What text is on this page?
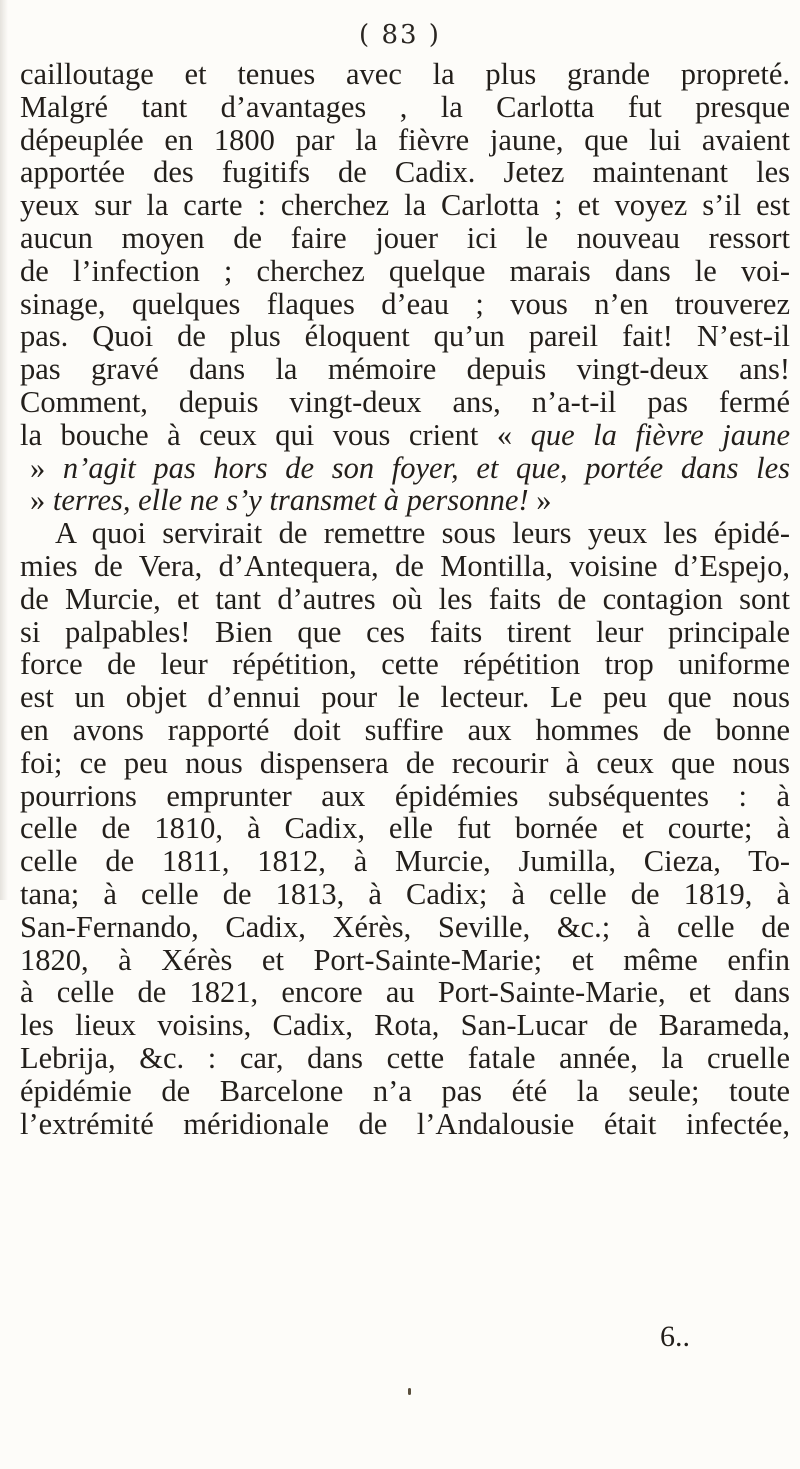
( 83 )
cailloutage et tenues avec la plus grande propreté.
Malgré tant d’avantages , la Carlotta fut presque
dépeuplée en 1800 par la fièvre jaune, que lui avaient
apportée des fugitifs de Cadix. Jetez maintenant les
yeux sur la carte : cherchez la Carlotta ; et voyez s’il est
aucun moyen de faire jouer ici le nouveau ressort
de l’infection ; cherchez quelque marais dans le voi-
sinage, quelques flaques d’eau ; vous n’en trouverez
pas. Quoi de plus éloquent qu’un pareil fait! N’est-il
pas gravé dans la mémoire depuis vingt-deux ans!
Comment, depuis vingt-deux ans, n’a-t-il pas fermé
la bouche à ceux qui vous crient « que la fièvre jaune
» n’agit pas hors de son foyer, et que, portée dans les
» terres, elle ne s’y transmet à personne! »
A quoi servirait de remettre sous leurs yeux les épidé-
mies de Vera, d’Antequera, de Montilla, voisine d’Espejo,
de Murcie, et tant d’autres où les faits de contagion sont
si palpables! Bien que ces faits tirent leur principale
force de leur répétition, cette répétition trop uniforme
est un objet d’ennui pour le lecteur. Le peu que nous
en avons rapporté doit suffire aux hommes de bonne
foi; ce peu nous dispensera de recourir à ceux que nous
pourrions emprunter aux épidémies subséquentes : à
celle de 1810, à Cadix, elle fut bornée et courte; à
celle de 1811, 1812, à Murcie, Jumilla, Cieza, To-
tana; à celle de 1813, à Cadix; à celle de 1819, à
San-Fernando, Cadix, Xérès, Seville, &c.; à celle de
1820, à Xérès et Port-Sainte-Marie; et même enfin
à celle de 1821, encore au Port-Sainte-Marie, et dans
les lieux voisins, Cadix, Rota, San-Lucar de Barameda,
Lebrija, &c. : car, dans cette fatale année, la cruelle
épidémie de Barcelone n’a pas été la seule; toute
l’extrémité méridionale de l’Andalousie était infectée,
6..
